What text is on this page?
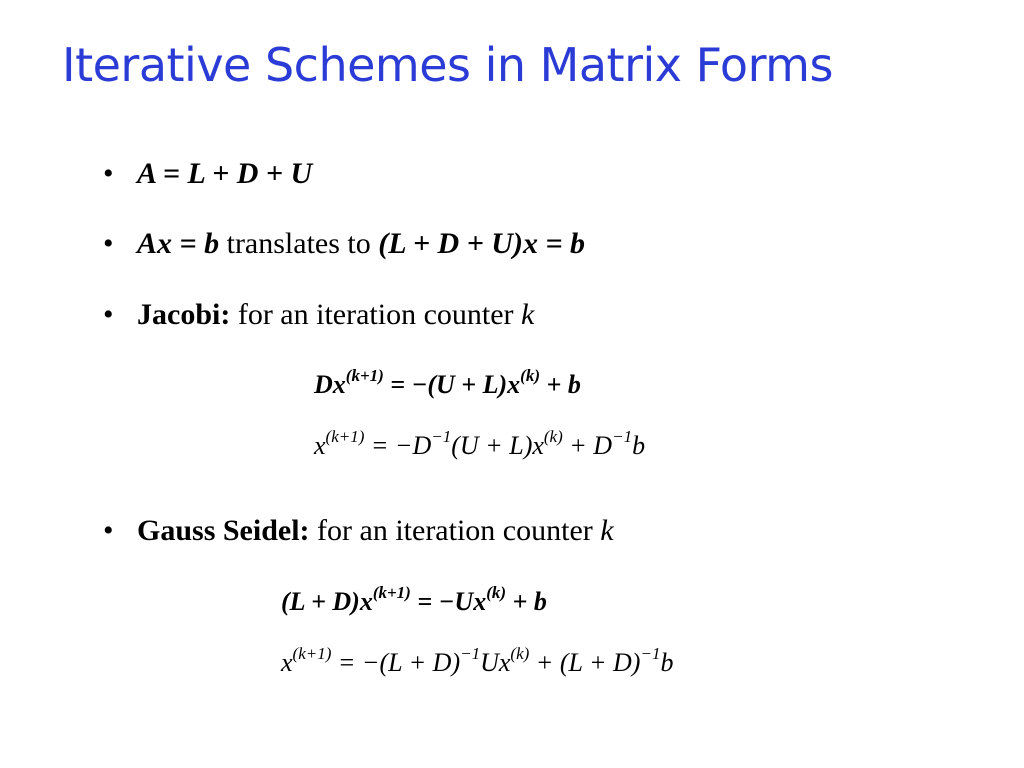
Iterative Schemes in Matrix Forms
• A = L + D + U
• Ax = b translates to (L + D + U)x = b
• Jacobi: for an iteration counter k
$Dx^{(k+1)} = -(U + L)x^{(k)} + b$
$x^{(k+1)} = -D^{-1}(U + L)x^{(k)} + D^{-1}b$
• Gauss Seidel: for an iteration counter k
$(L + D)x^{(k+1)} = -Ux^{(k)} + b$
$x^{(k+1)} = -(L + D)^{-1}Ux^{(k)} + (L + D)^{-1}b$
